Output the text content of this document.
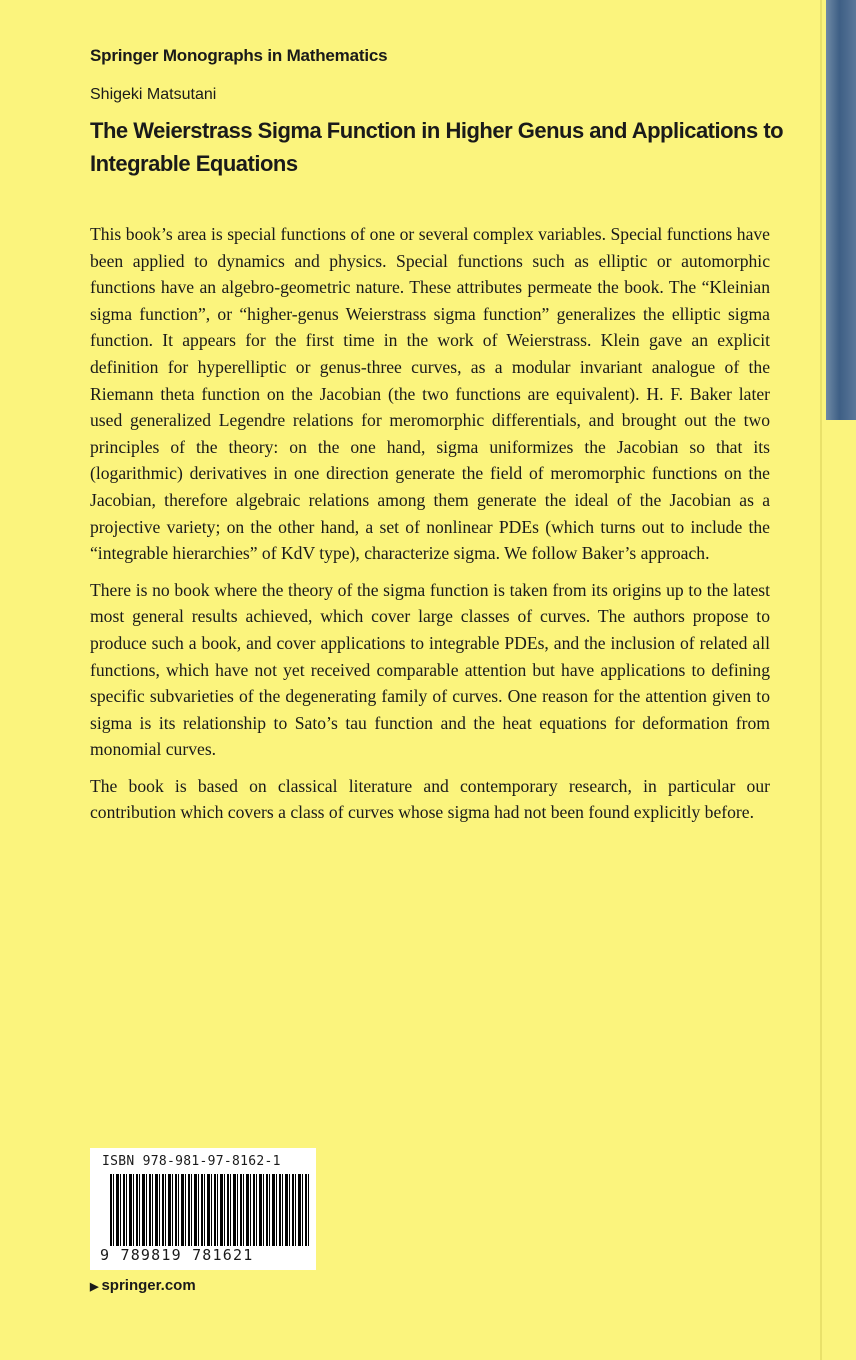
Springer Monographs in Mathematics
Shigeki Matsutani
The Weierstrass Sigma Function in Higher Genus and Applications to Integrable Equations

This book’s area is special functions of one or several complex variables. Special functions have been applied to dynamics and physics. Special functions such as elliptic or automorphic functions have an algebro-geometric nature. These attributes permeate the book. The “Kleinian sigma function”, or “higher-genus Weierstrass sigma function” generalizes the elliptic sigma function. It appears for the first time in the work of Weierstrass. Klein gave an explicit definition for hyperelliptic or genus-three curves, as a modular invariant analogue of the Riemann theta function on the Jacobian (the two functions are equivalent). H. F. Baker later used generalized Legendre relations for meromorphic differentials, and brought out the two principles of the theory: on the one hand, sigma uniformizes the Jacobian so that its (logarithmic) derivatives in one direction generate the field of meromorphic functions on the Jacobian, therefore algebraic relations among them generate the ideal of the Jacobian as a projective variety; on the other hand, a set of nonlinear PDEs (which turns out to include the “integrable hierarchies” of KdV type), characterize sigma. We follow Baker’s approach.

There is no book where the theory of the sigma function is taken from its origins up to the latest most general results achieved, which cover large classes of curves. The authors propose to produce such a book, and cover applications to integrable PDEs, and the inclusion of related all functions, which have not yet received comparable attention but have applications to defining specific subvarieties of the degenerating family of curves. One reason for the attention given to sigma is its relationship to Sato’s tau function and the heat equations for deformation from monomial curves.

The book is based on classical literature and contemporary research, in particular our contribution which covers a class of curves whose sigma had not been found explicitly before.

ISBN 978-981-97-8162-1
9 789819 781621
▶ springer.com
